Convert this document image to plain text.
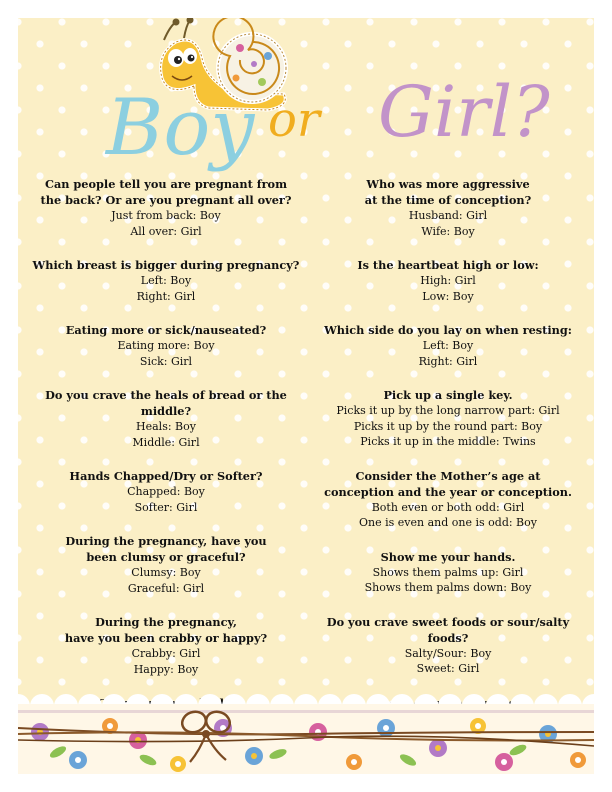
Boy or Girl?
Can people tell you are pregnant from
the back? Or are you pregnant all over?
Just from back: Boy
All over: Girl
Which breast is bigger during pregnancy?
Left: Boy
Right: Girl
Eating more or sick/nauseated?
Eating more: Boy
Sick: Girl
Do you crave the heals of bread or the middle?
Heals: Boy
Middle: Girl
Hands Chapped/Dry or Softer?
Chapped: Boy
Softer: Girl
During the pregnancy, have you
been clumsy or graceful?
Clumsy: Boy
Graceful: Girl
During the pregnancy,
have you been crabby or happy?
Crabby: Girl
Happy: Boy
Who was more aggressive
at the time of conception?
Husband: Girl
Wife: Boy
Is the heartbeat high or low:
High: Girl
Low: Boy
Which side do you lay on when resting:
Left: Boy
Right: Girl
Pick up a single key.
Picks it up by the long narrow part: Girl
Picks it up by the round part: Boy
Picks it up in the middle: Twins
Consider the Mother’s age at
conception and the year or conception.
Both even or both odd: Girl
One is even and one is odd: Boy
Show me your hands.
Shows them palms up: Girl
Shows them palms down: Boy
Do you crave sweet foods or sour/salty foods?
Salty/Sour: Boy
Sweet: Girl
